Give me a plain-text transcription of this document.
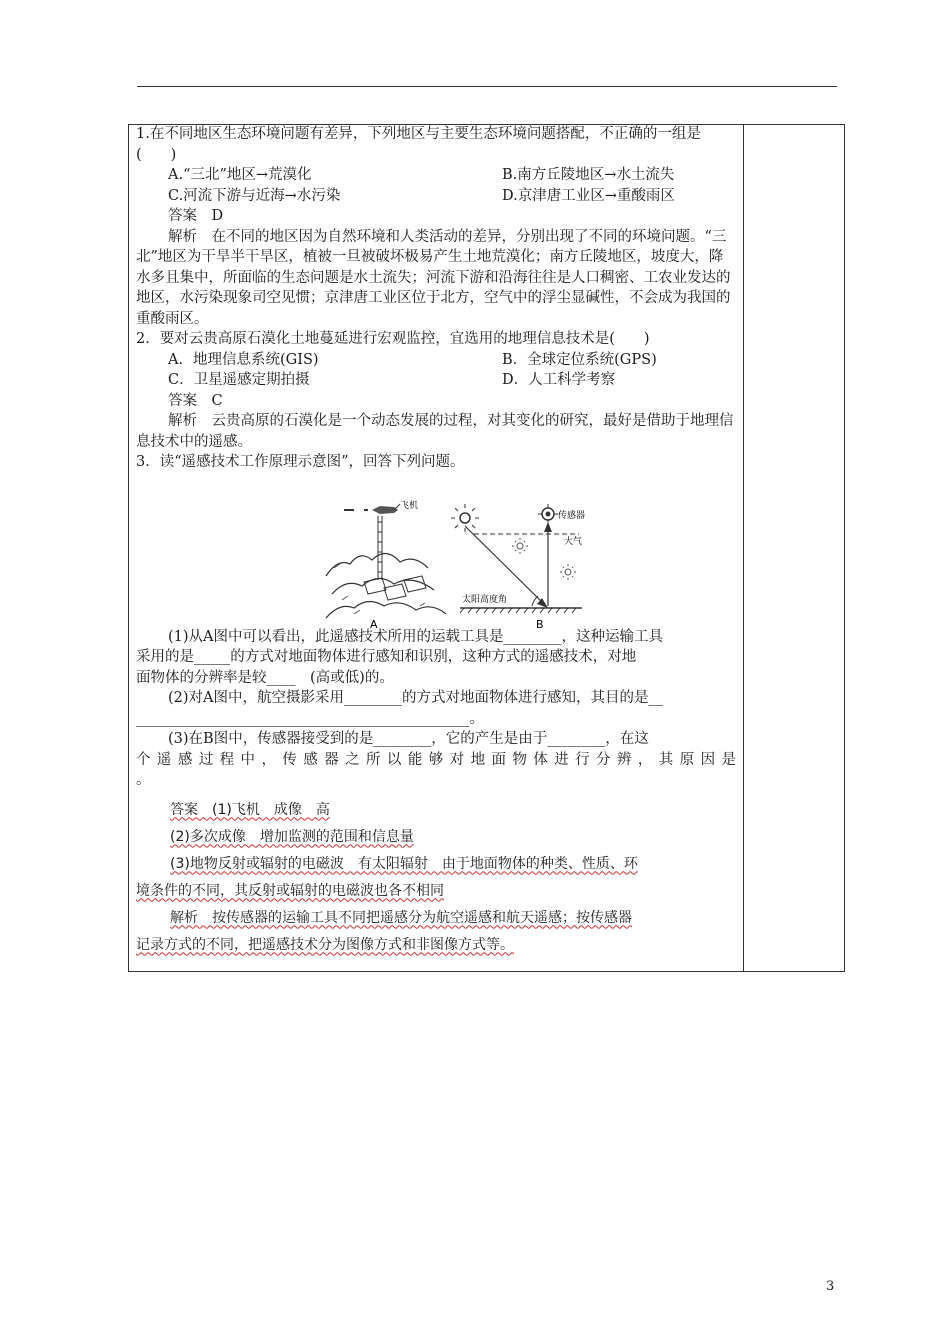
1.在不同地区生态环境问题有差异，下列地区与主要生态环境问题搭配，不正确的一组是(　　)

A.“三北”地区→荒漠化	B.南方丘陵地区→水土流失
C.河流下游与近海→水污染	D.京津唐工业区→重酸雨区

答案　D

解析　在不同的地区因为自然环境和人类活动的差异，分别出现了不同的环境问题。“三北”地区为干旱半干旱区，植被一旦被破坏极易产生土地荒漠化；南方丘陵地区，坡度大，降水多且集中，所面临的生态问题是水土流失；河流下游和沿海往往是人口稠密、工农业发达的地区，水污染现象司空见惯；京津唐工业区位于北方，空气中的浮尘显碱性，不会成为我国的重酸雨区。

2．要对云贵高原石漠化土地蔓延进行宏观监控，宜选用的地理信息技术是(　　)

A．地理信息系统(GIS)	B．全球定位系统(GPS)
C．卫星遥感定期拍摄	D．人工科学考察

答案　C

解析　云贵高原的石漠化是一个动态发展的过程，对其变化的研究，最好是借助于地理信息技术中的遥感。

3．读“遥感技术工作原理示意图”，回答下列问题。

(1)从A图中可以看出，此遥感技术所用的运载工具是________，这种运输工具

采用的是_____的方式对地面物体进行感知和识别，这种方式的遥感技术，对地

面物体的分辨率是较____　(高或低)的。

(2)对A图中，航空摄影采用________的方式对地面物体进行感知，其目的是__

______________________________________________。

(3)在B图中，传感器接受到的是________，它的产生是由于________，在这

个遥感过程中，传感器之所以能够对地面物体进行分辨，其原因是

。

答案　(1)飞机　成像　高

(2)多次成像　增加监测的范围和信息量

(3)地物反射或辐射的电磁波　有太阳辐射　由于地面物体的种类、性质、环

境条件的不同，其反射或辐射的电磁波也各不相同

解析　按传感器的运输工具不同把遥感分为航空遥感和航天遥感；按传感器

记录方式的不同，把遥感技术分为图像方式和非图像方式等。

飞机
A
传感器
大气
太阳高度角
B
3
